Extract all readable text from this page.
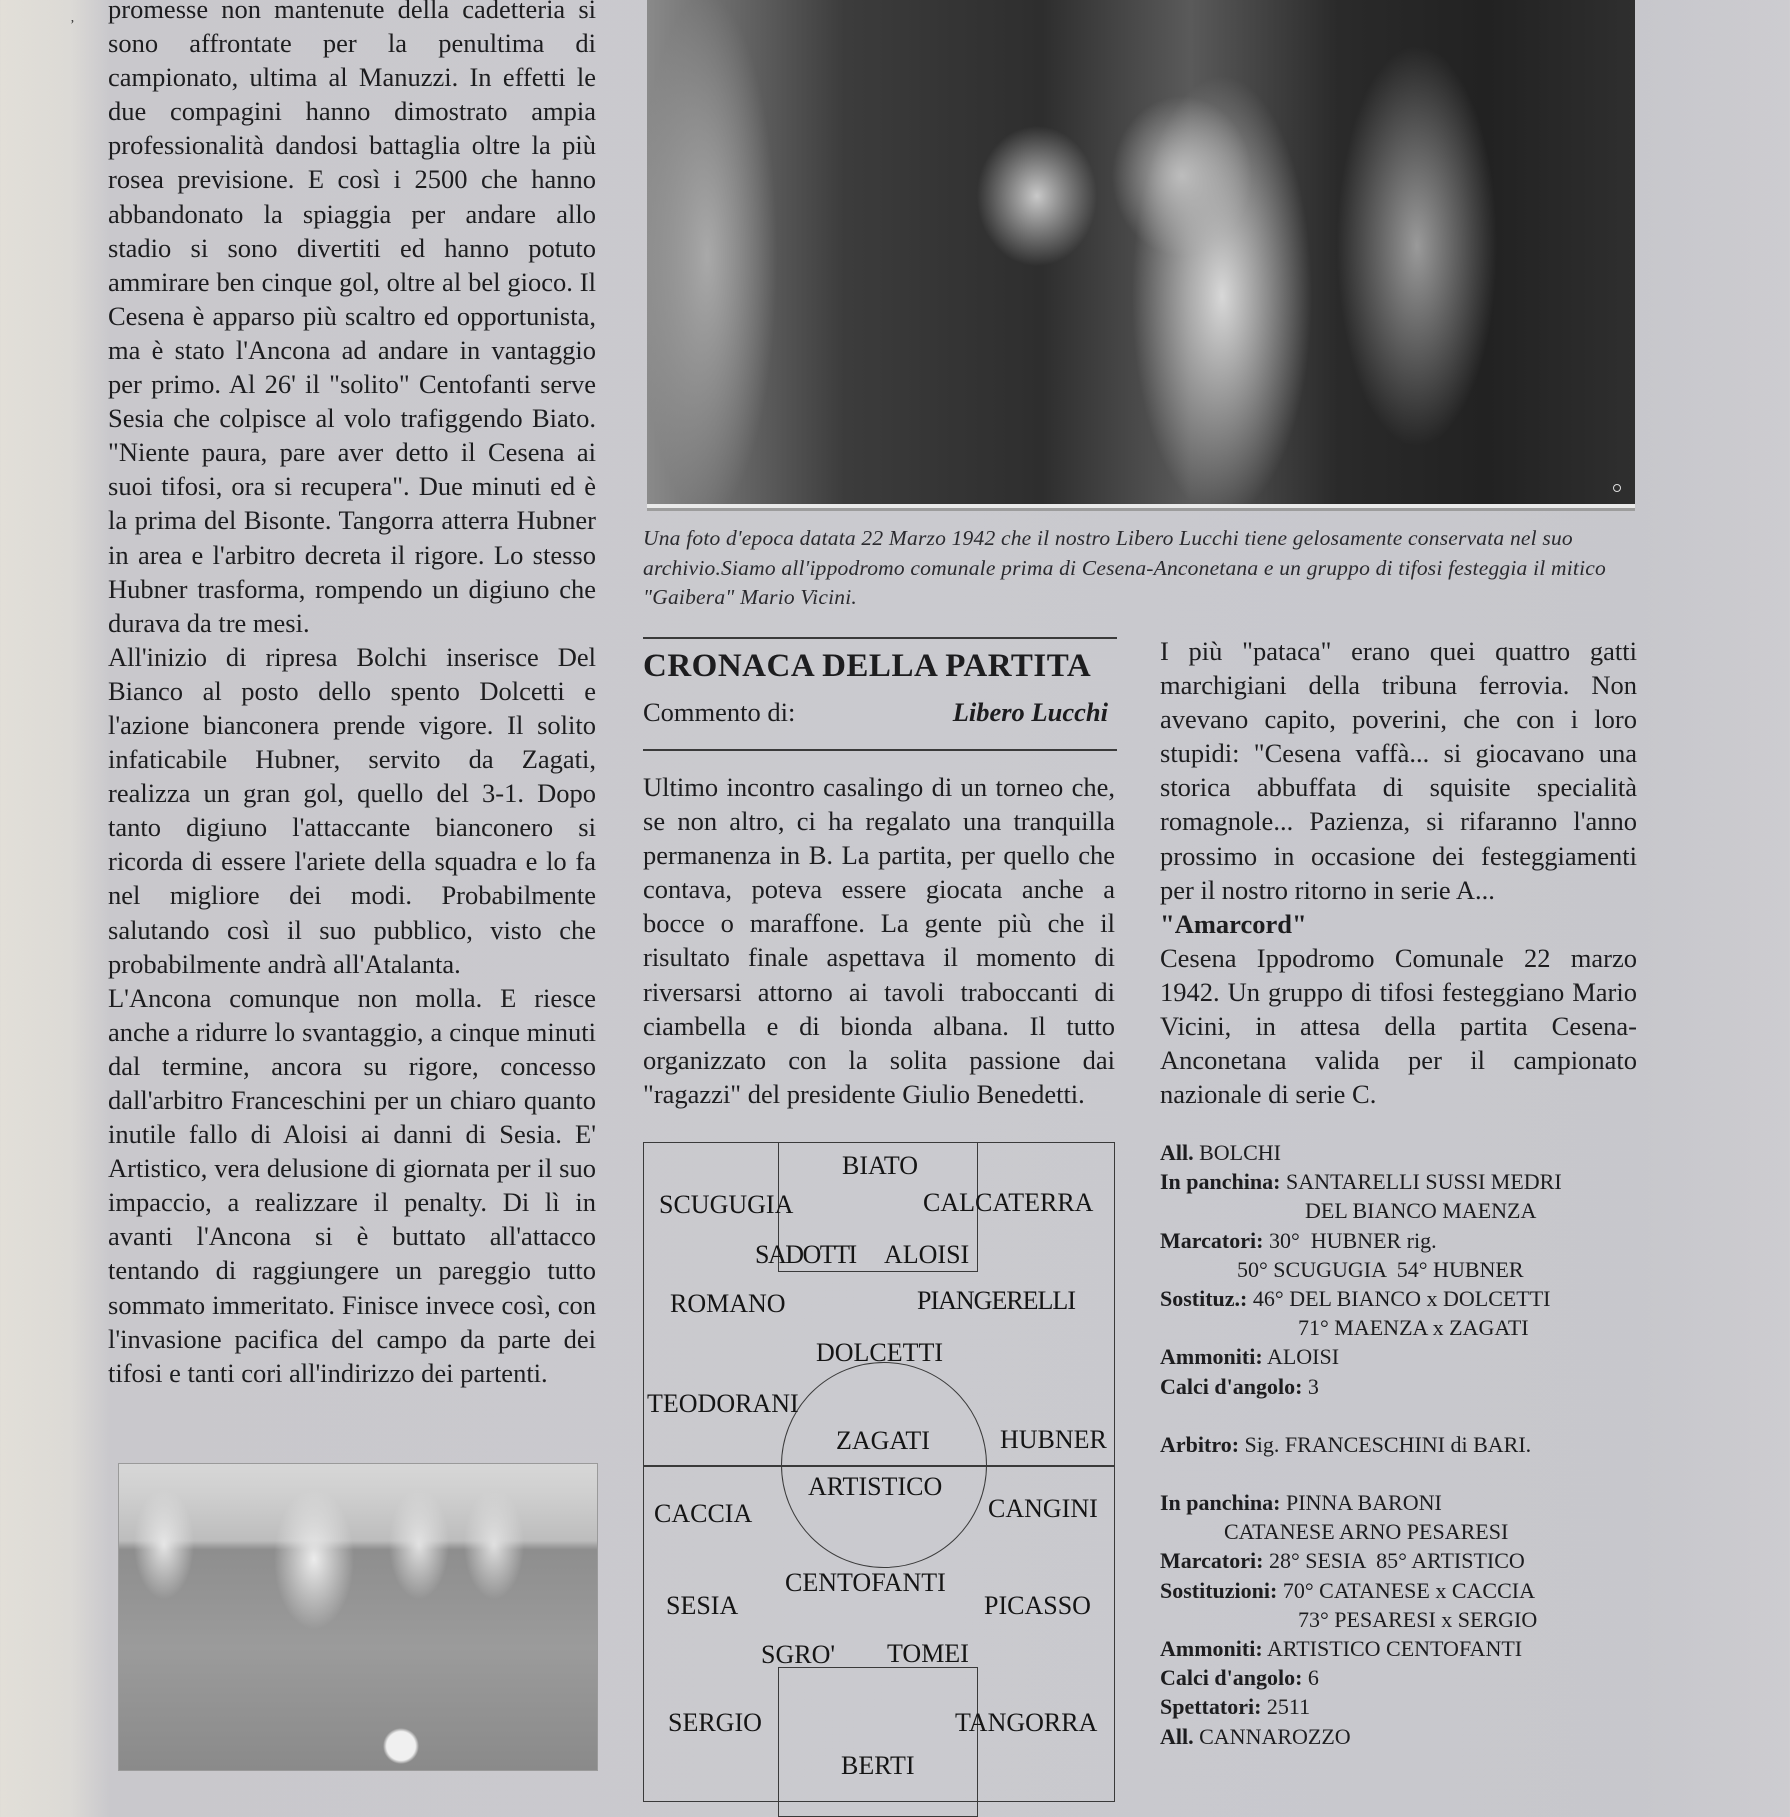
’

promesse non mantenute della cadetteria si sono affrontate per la penultima di campionato, ultima al Manuzzi. In effetti le due compagini hanno dimostrato ampia professionalità dandosi battaglia oltre la più rosea previsione. E così i 2500 che hanno abbandonato la spiaggia per andare allo stadio si sono divertiti ed hanno potuto ammirare ben cinque gol, oltre al bel gioco. Il Cesena è apparso più scaltro ed opportunista, ma è stato l'Ancona ad andare in vantaggio per primo. Al 26' il "solito" Centofanti serve Sesia che colpisce al volo trafiggendo Biato. "Niente paura, pare aver detto il Cesena ai suoi tifosi, ora si recupera". Due minuti ed è la prima del Bisonte. Tangorra atterra Hubner in area e l'arbitro decreta il rigore. Lo stesso Hubner trasforma, rompendo un digiuno che durava da tre mesi.

All'inizio di ripresa Bolchi inserisce Del Bianco al posto dello spento Dolcetti e l'azione bianconera prende vigore. Il solito infaticabile Hubner, servito da Zagati, realizza un gran gol, quello del 3-1. Dopo tanto digiuno l'attaccante bianconero si ricorda di essere l'ariete della squadra e lo fa nel migliore dei modi. Probabilmente salutando così il suo pubblico, visto che probabilmente andrà all'Atalanta.

L'Ancona comunque non molla. E riesce anche a ridurre lo svantaggio, a cinque minuti dal termine, ancora su rigore, concesso dall'arbitro Franceschini per un chiaro quanto inutile fallo di Aloisi ai danni di Sesia. E' Artistico, vera delusione di giornata per il suo impaccio, a realizzare il penalty. Di lì in avanti l'Ancona si è buttato all'attacco tentando di raggiungere un pareggio tutto sommato immeritato. Finisce invece così, con l'invasione pacifica del campo da parte dei tifosi e tanti cori all'indirizzo dei partenti.

Una foto d'epoca datata 22 Marzo 1942 che il nostro Libero Lucchi tiene gelosamente conservata nel suo archivio.Siamo all'ippodromo comunale prima di Cesena-Anconetana e un gruppo di tifosi festeggia il mitico "Gaibera" Mario Vicini.
CRONACA DELLA PARTITA
Commento di:	Libero Lucchi

Ultimo incontro casalingo di un torneo che, se non altro, ci ha regalato una tranquilla permanenza in B. La partita, per quello che contava, poteva essere giocata anche a bocce o maraffone. La gente più che il risultato finale aspettava il momento di riversarsi attorno ai tavoli traboccanti di ciambella e di bionda albana. Il tutto organizzato con la solita passione dai "ragazzi" del presidente Giulio Benedetti.

I più "pataca" erano quei quattro gatti marchigiani della tribuna ferrovia. Non avevano capito, poverini, che con i loro stupidi: "Cesena vaffà... si giocavano una storica abbuffata di squisite specialità romagnole... Pazienza, si rifaranno l'anno prossimo in occasione dei festeggiamenti per il nostro ritorno in serie A...

"Amarcord"

Cesena Ippodromo Comunale 22 marzo 1942. Un gruppo di tifosi festeggiano Mario Vicini, in attesa della partita Cesena-Anconetana valida per il campionato nazionale di serie C.

BIATO
SCUGUGIA	CALCATERRA
SADOTTI ALOISI
ROMANO	PIANGERELLI
DOLCETTI
TEODORANI
ZAGATI	HUBNER
ARTISTICO
CACCIA	CANGINI
CENTOFANTI
SESIA	PICASSO
SGRO' TOMEI
SERGIO	TANGORRA
BERTI
All. BOLCHI
In panchina: SANTARELLI SUSSI MEDRI
DEL BIANCO MAENZA
Marcatori: 30°  HUBNER rig.
50° SCUGUGIA  54° HUBNER
Sostituz.: 46° DEL BIANCO x DOLCETTI
71° MAENZA x ZAGATI
Ammoniti: ALOISI
Calci d'angolo: 3
Arbitro: Sig. FRANCESCHINI di BARI.
In panchina: PINNA BARONI
CATANESE ARNO PESARESI
Marcatori: 28° SESIA  85° ARTISTICO
Sostituzioni: 70° CATANESE x CACCIA
73° PESARESI x SERGIO
Ammoniti: ARTISTICO CENTOFANTI
Calci d'angolo: 6
Spettatori: 2511
All. CANNAROZZO
